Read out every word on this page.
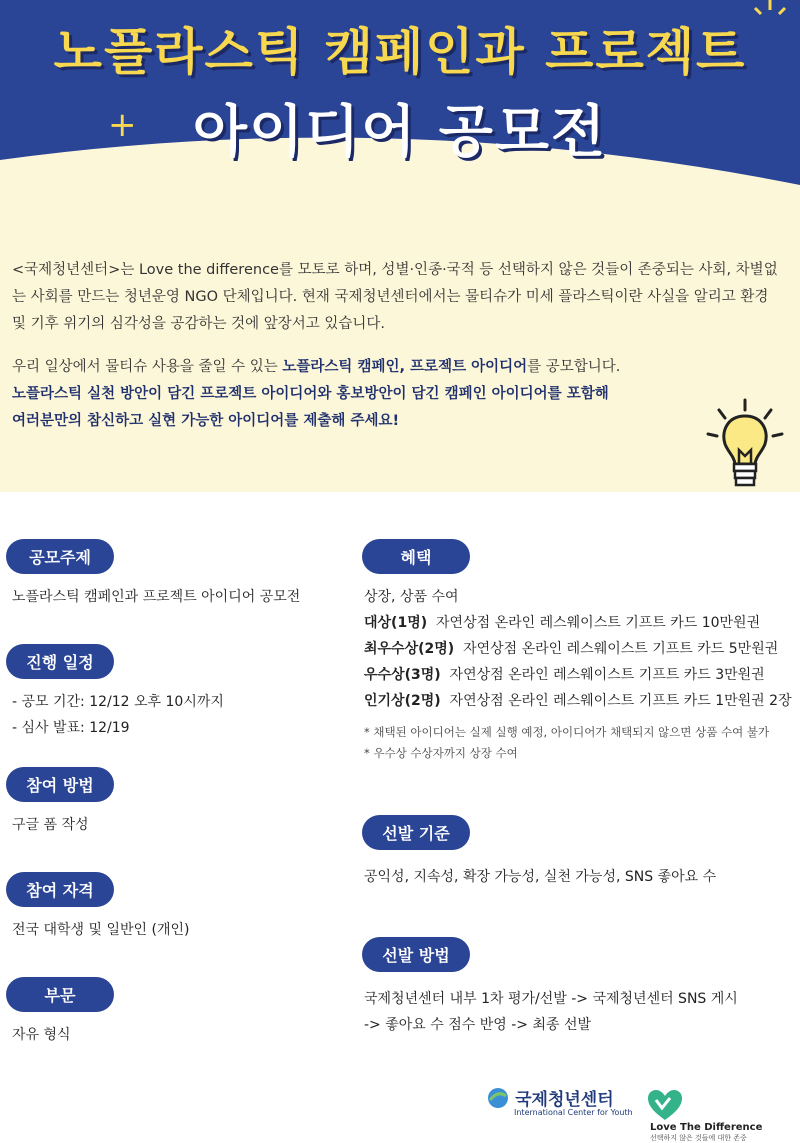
노플라스틱 캠페인과 프로젝트
아이디어 공모전
+

<국제청년센터>는 Love the difference를 모토로 하며, 성별·인종·국적 등 선택하지 않은 것들이 존중되는 사회, 차별없는 사회를 만드는 청년운영 NGO 단체입니다. 현재 국제청년센터에서는 물티슈가 미세 플라스틱이란 사실을 알리고 환경 및 기후 위기의 심각성을 공감하는 것에 앞장서고 있습니다.

우리 일상에서 물티슈 사용을 줄일 수 있는 노플라스틱 캠페인, 프로젝트 아이디어를 공모합니다.
노플라스틱 실천 방안이 담긴 프로젝트 아이디어와 홍보방안이 담긴 캠페인 아이디어를 포함해
여러분만의 참신하고 실현 가능한 아이디어를 제출해 주세요!
공모주제
노플라스틱 캠페인과 프로젝트 아이디어 공모전
진행 일정
- 공모 기간: 12/12 오후 10시까지
- 심사 발표: 12/19
참여 방법
구글 폼 작성
참여 자격
전국 대학생 및 일반인 (개인)
부문
자유 형식
혜택
상장, 상품 수여
대상(1명) 자연상점 온라인 레스웨이스트 기프트 카드 10만원권
최우수상(2명) 자연상점 온라인 레스웨이스트 기프트 카드 5만원권
우수상(3명) 자연상점 온라인 레스웨이스트 기프트 카드 3만원권
인기상(2명) 자연상점 온라인 레스웨이스트 기프트 카드 1만원권 2장
* 채택된 아이디어는 실제 실행 예정, 아이디어가 채택되지 않으면 상품 수여 불가
* 우수상 수상자까지 상장 수여
선발 기준
공익성, 지속성, 확장 가능성, 실천 가능성, SNS 좋아요 수
선발 방법
국제청년센터 내부 1차 평가/선발 -> 국제청년센터 SNS 게시
-> 좋아요 수 점수 반영 -> 최종 선발
국제청년센터
International Center for Youth

Love The Difference
선택하지 않은 것들에 대한 존중
